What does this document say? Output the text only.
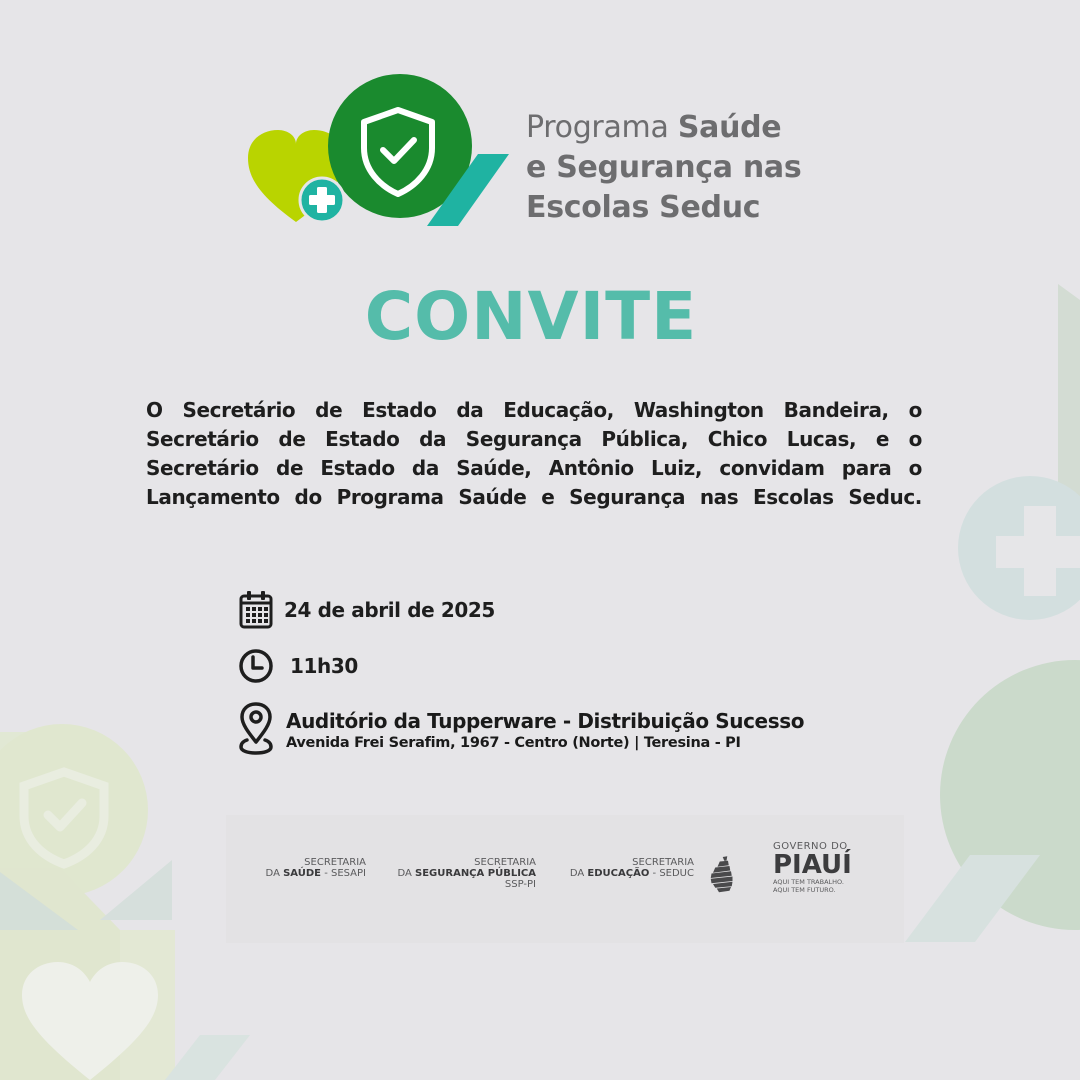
Programa Saúde
e Segurança nas
Escolas Seduc
CONVITE

O Secretário de Estado da Educação, Washington Bandeira, o Secretário de Estado da Segurança Pública, Chico Lucas, e o Secretário de Estado da Saúde, Antônio Luiz, convidam para o Lançamento do Programa Saúde e Segurança nas Escolas Seduc.

24 de abril de 2025
11h30
Auditório da Tupperware - Distribuição Sucesso
Avenida Frei Serafim, 1967 - Centro (Norte) | Teresina - PI
SECRETARIA
DA SAÚDE - SESAPI
SECRETARIA
DA SEGURANÇA PÚBLICA
SSP-PI
SECRETARIA
DA EDUCAÇÃO - SEDUC
GOVERNO DO
PIAUÍ
AQUI TEM TRABALHO.
AQUI TEM FUTURO.
